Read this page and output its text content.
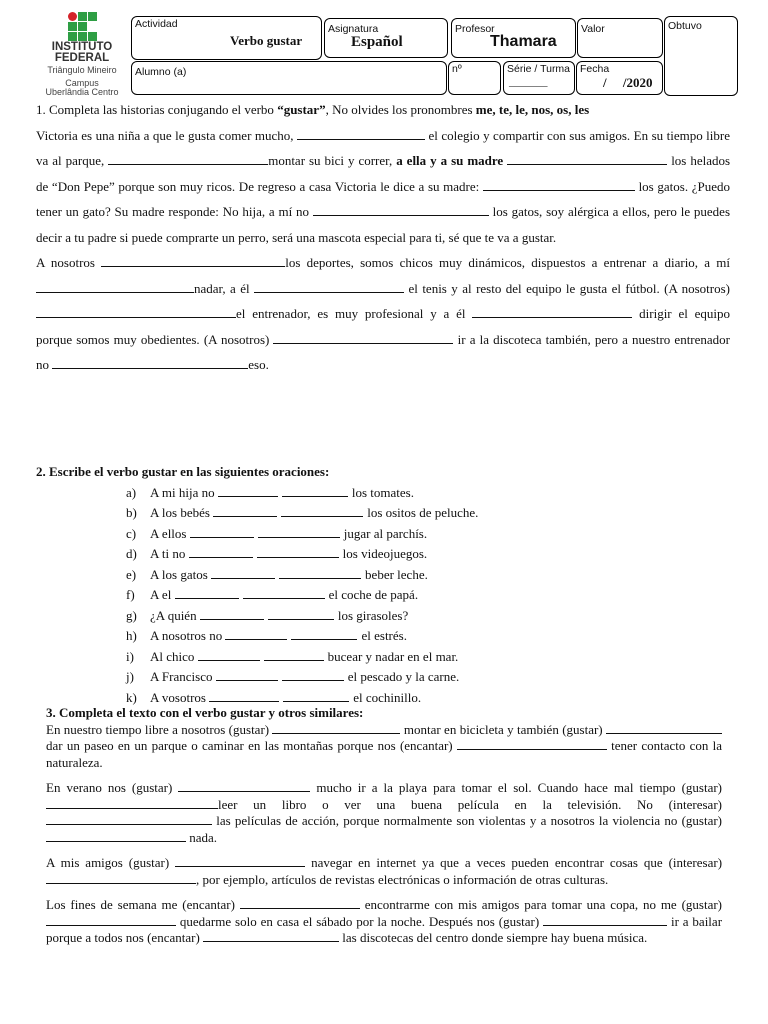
INSTITUTO
FEDERAL
Triângulo Mineiro
Campus
Uberlândia Centro
Actividad
Verbo gustar
Asignatura
Español
Profesor
Thamara
Valor	Obtuvo
Alumno (a)	nº	Série / Turma
_______
Fecha
/     /2020

1. Completa las historias conjugando el verbo “gustar”, No olvides los pronombres me, te, le, nos, os, les

Victoria es una niña a que le gusta comer mucho,	el colegio y compartir con sus amigos. En su tiempo libre va al parque,	montar su bici y correr, a ella y a su madre	los helados de “Don Pepe” porque son muy ricos. De regreso a casa Victoria le dice a su madre:	los gatos. ¿Puedo tener un gato? Su madre responde: No hija, a mí no	los gatos, soy alérgica a ellos, pero le puedes decir a tu padre si puede comprarte un perro, será una mascota especial para ti, sé que te va a gustar.

A nosotros	los deportes, somos chicos muy dinámicos, dispuestos a entrenar a diario, a mí nadar, a él	el tenis y al resto del equipo le gusta el fútbol. (A nosotros) el entrenador, es muy profesional y a él	dirigir el equipo porque somos muy obedientes. (A nosotros)	ir a la discoteca también, pero a nuestro entrenador no	eso.

2. Escribe el verbo gustar en las siguientes oraciones:
a) A mi hija no	los tomates.
b) A los bebés	los ositos de peluche.
c) A ellos	jugar al parchís.
d) A ti no	los videojuegos.
e) A los gatos	beber leche.
f) A el	el coche de papá.
g) ¿A quién	los girasoles?
h) A nosotros no	el estrés.
i) Al chico	bucear y nadar en el mar.
j) A Francisco	el pescado y la carne.
k) A vosotros	el cochinillo.
3. Completa el texto con el verbo gustar y otros similares:

En nuestro tiempo libre a nosotros (gustar)	montar en bicicleta y también (gustar)  dar un paseo en un parque o caminar en las montañas porque nos (encantar)	tener contacto con la naturaleza.

En verano nos (gustar)	mucho ir a la playa para tomar el sol. Cuando hace mal tiempo (gustar) leer un libro o ver una buena película en la televisión. No (interesar)  las películas de acción, porque normalmente son violentas y a nosotros la violencia no (gustar)  nada.

A mis amigos (gustar)	navegar en internet ya que a veces pueden encontrar cosas que (interesar) , por ejemplo, artículos de revistas electrónicas o información de otras culturas.

Los fines de semana me (encantar)	encontrarme con mis amigos para tomar una copa, no me (gustar)  quedarme solo en casa el sábado por la noche. Después nos (gustar)	ir a bailar porque a todos nos (encantar)	las discotecas del centro donde siempre hay buena música.
